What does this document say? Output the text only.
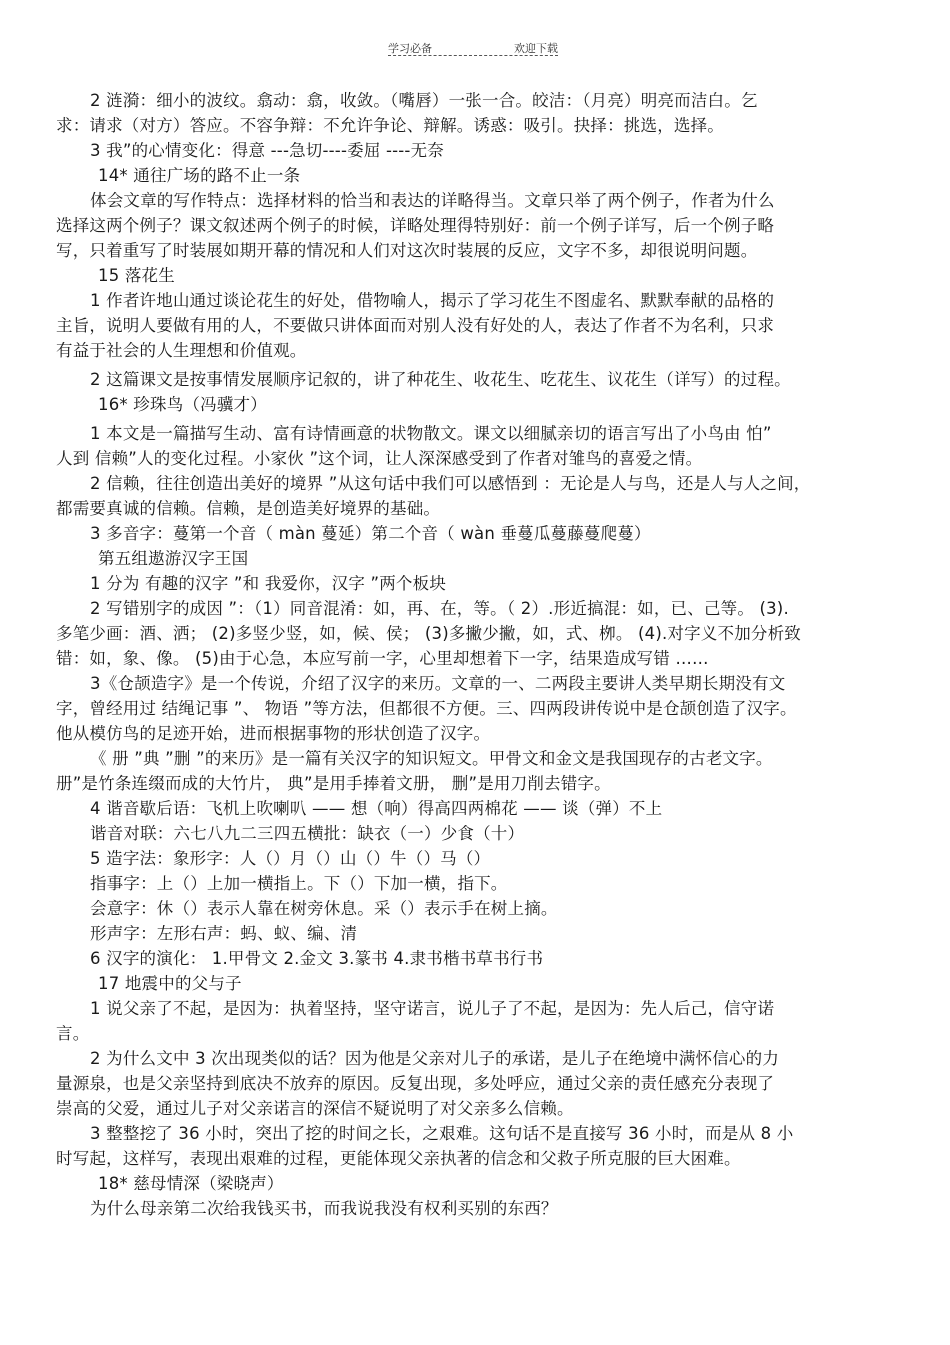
学习必备	欢迎下载
2 涟漪：细小的波纹。翕动：翕，收敛。（嘴唇）一张一合。皎洁：（月亮）明亮而洁白。乞
求：请求（对方）答应。不容争辩：不允许争论、辩解。诱惑：吸引。抉择：挑选，选择。
3 我”的心情变化：得意 ---急切----委屈 ----无奈
14* 通往广场的路不止一条
体会文章的写作特点：选择材料的恰当和表达的详略得当。文章只举了两个例子，作者为什么
选择这两个例子？课文叙述两个例子的时候，详略处理得特别好：前一个例子详写，后一个例子略
写，只着重写了时装展如期开幕的情况和人们对这次时装展的反应，文字不多，却很说明问题。
15 落花生
1 作者许地山通过谈论花生的好处，借物喻人，揭示了学习花生不图虚名、默默奉献的品格的
主旨，说明人要做有用的人，不要做只讲体面而对别人没有好处的人，表达了作者不为名利，只求
有益于社会的人生理想和价值观。
2 这篇课文是按事情发展顺序记叙的，讲了种花生、收花生、吃花生、议花生（详写）的过程。
16* 珍珠鸟（冯骥才）
1 本文是一篇描写生动、富有诗情画意的状物散文。课文以细腻亲切的语言写出了小鸟由 怕”
人到 信赖”人的变化过程。小家伙 ”这个词，让人深深感受到了作者对雏鸟的喜爱之情。
2 信赖，往往创造出美好的境界 ”从这句话中我们可以感悟到 ：无论是人与鸟，还是人与人之间，
都需要真诚的信赖。信赖，是创造美好境界的基础。
3 多音字：蔓第一个音（ màn 蔓延）第二个音（ wàn 垂蔓瓜蔓藤蔓爬蔓）
第五组遨游汉字王国
1 分为 有趣的汉字 ”和 我爱你，汉字 ”两个板块
2 写错别字的成因 ”：（1）同音混淆：如，再、在，等。（ 2）.形近搞混：如，已、己等。 (3).
多笔少画：酒、洒； (2)多竖少竖，如，候、侯； (3)多撇少撇，如，式、栁。 (4).对字义不加分析致
错：如，象、像。 (5)由于心急，本应写前一字，心里却想着下一字，结果造成写错 ……
3《仓颉造字》是一个传说，介绍了汉字的来历。文章的一、二两段主要讲人类早期长期没有文
字，曾经用过 结绳记事 ”、 物语 ”等方法，但都很不方便。三、四两段讲传说中是仓颉创造了汉字。
他从模仿鸟的足迹开始，进而根据事物的形状创造了汉字。
《 册 ”典 ”删 ”的来历》是一篇有关汉字的知识短文。甲骨文和金文是我国现存的古老文字。
册”是竹条连缀而成的大竹片， 典”是用手捧着文册， 删”是用刀削去错字。
4 谐音歇后语：飞机上吹喇叭 —— 想（响）得高四两棉花 —— 谈（弹）不上
谐音对联：六七八九二三四五横批：缺衣（一）少食（十）
5 造字法：象形字：人（）月（）山（）牛（）马（）
指事字：上（）上加一横指上。下（）下加一横，指下。
会意字：休（）表示人靠在树旁休息。采（）表示手在树上摘。
形声字：左形右声：蚂、蚁、编、清
6 汉字的演化： 1.甲骨文 2.金文 3.篆书 4.隶书楷书草书行书
17 地震中的父与子
1 说父亲了不起，是因为：执着坚持，坚守诺言，说儿子了不起，是因为：先人后己，信守诺
言。
2 为什么文中 3 次出现类似的话？因为他是父亲对儿子的承诺，是儿子在绝境中满怀信心的力
量源泉，也是父亲坚持到底决不放弃的原因。反复出现，多处呼应，通过父亲的责任感充分表现了
崇高的父爱，通过儿子对父亲诺言的深信不疑说明了对父亲多么信赖。
3 整整挖了 36 小时，突出了挖的时间之长，之艰难。这句话不是直接写 36 小时，而是从 8 小
时写起，这样写，表现出艰难的过程，更能体现父亲执著的信念和父救子所克服的巨大困难。
18* 慈母情深（梁晓声）
为什么母亲第二次给我钱买书，而我说我没有权利买别的东西？
